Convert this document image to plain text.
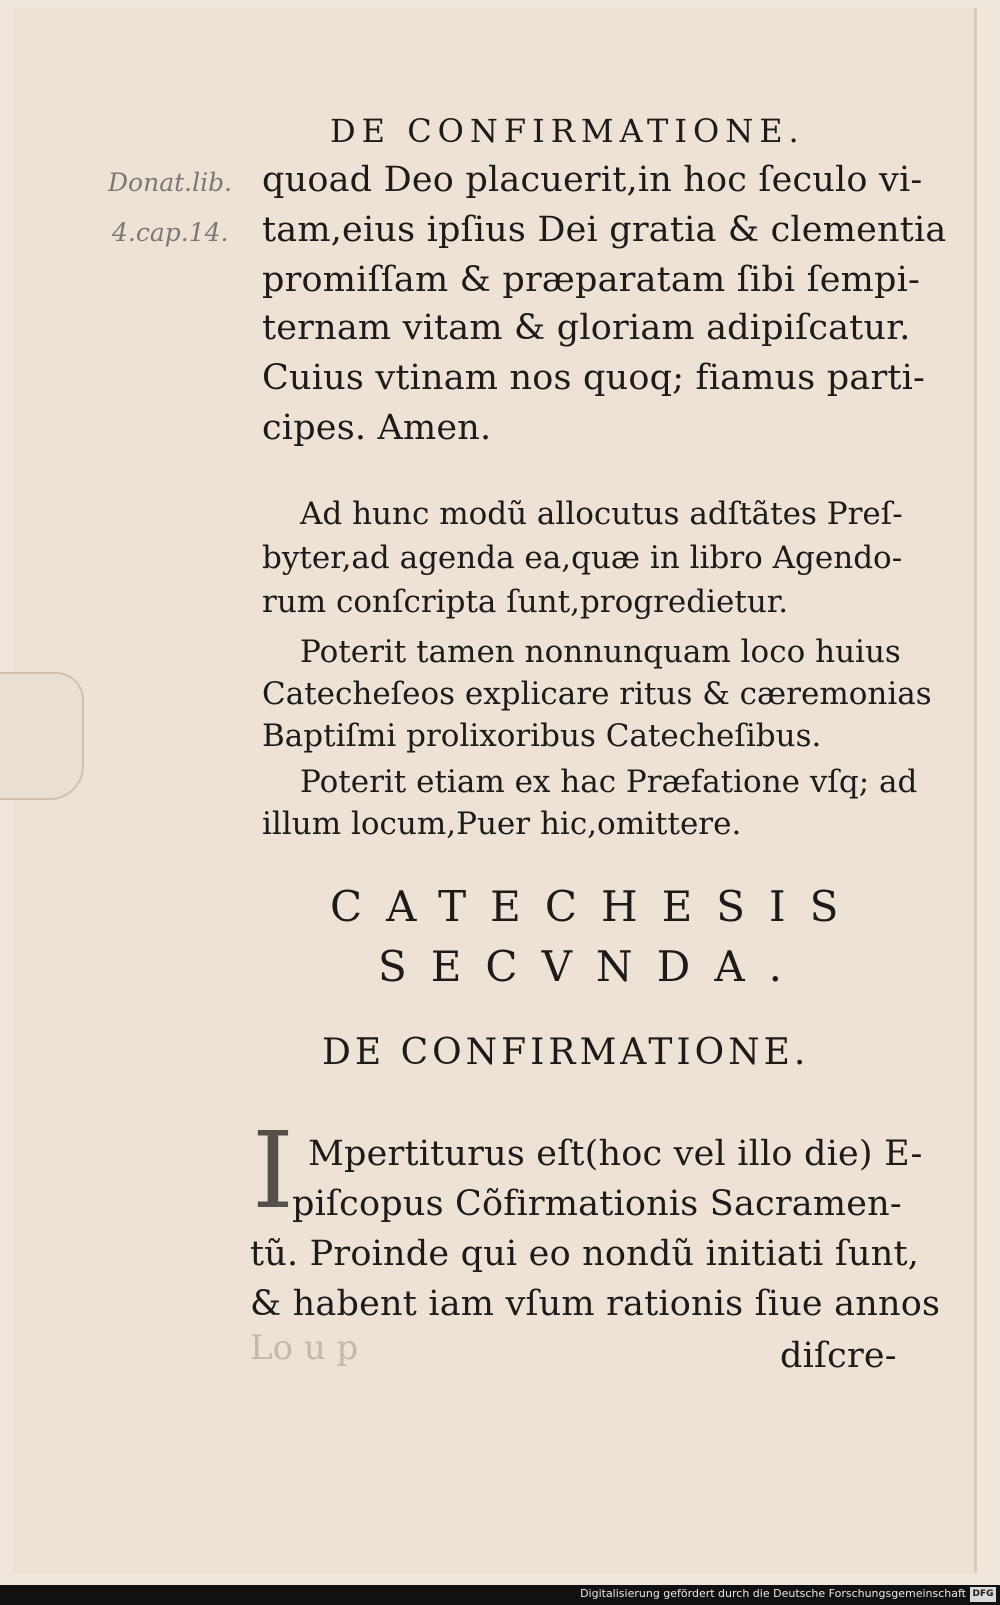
DE CONFIRMATIONE.
Donat.lib.
4.cap.14.
quoad Deo placuerit,in hoc ſeculo vi-
tam,eius ipſius Dei gratia & clementia
promiſſam & præparatam ſibi ſempi-
ternam vitam & gloriam adipiſcatur.
Cuius vtinam nos quoq; fiamus parti-
cipes. Amen.
Ad hunc modũ allocutus adſtãtes Preſ-
byter,ad agenda ea,quæ in libro Agendo-
rum conſcripta ſunt,progredietur.
Poterit tamen nonnunquam loco huius
Catecheſeos explicare ritus & cæremonias
Baptiſmi prolixoribus Catecheſibus.
Poterit etiam ex hac Præfatione vſq; ad
illum locum,Puer hic,omittere.
CATECHESIS
SECVNDA.
DE CONFIRMATIONE.
I Mpertiturus eſt(hoc vel illo die) E-
piſcopus Cõfirmationis Sacramen-
tũ. Proinde qui eo nondũ initiati ſunt,
& habent iam vſum rationis ſiue annos
Lo u p	diſcre-
Digitalisierung gefördert durch die Deutsche Forschungsgemeinschaft DFG
